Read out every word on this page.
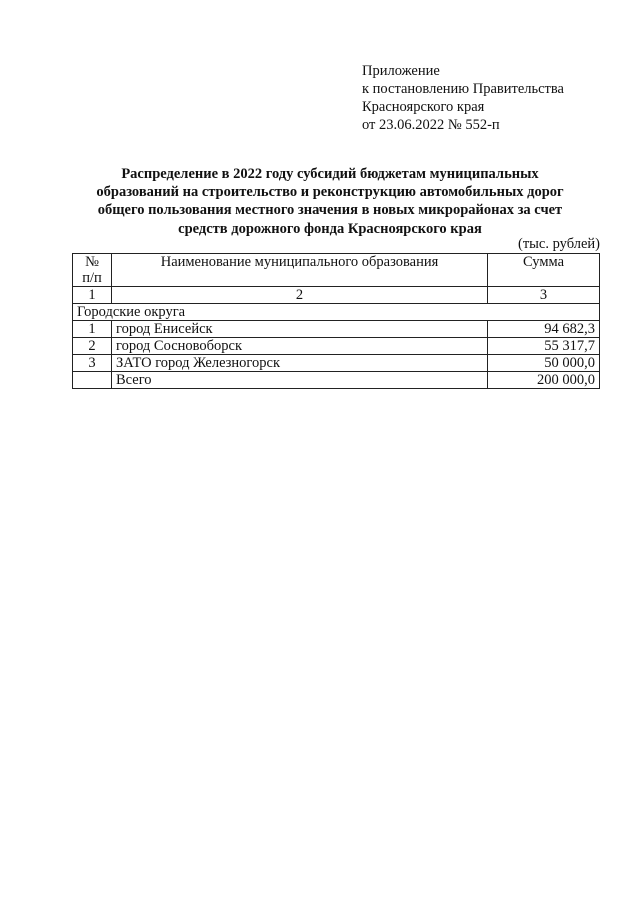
Приложение
к постановлению Правительства
Красноярского края
от 23.06.2022 № 552-п
Распределение в 2022 году субсидий бюджетам муниципальных
образований на строительство и реконструкцию автомобильных дорог
общего пользования местного значения в новых микрорайонах за счет
средств дорожного фонда Красноярского края
(тыс. рублей)
№
п/п	Наименование муниципального образования	Сумма
1	2	3
Городские округа		
1	город Енисейск	94 682,3
2	город Сосновоборск	55 317,7
3	ЗАТО город Железногорск	50 000,0
	Всего	200 000,0
